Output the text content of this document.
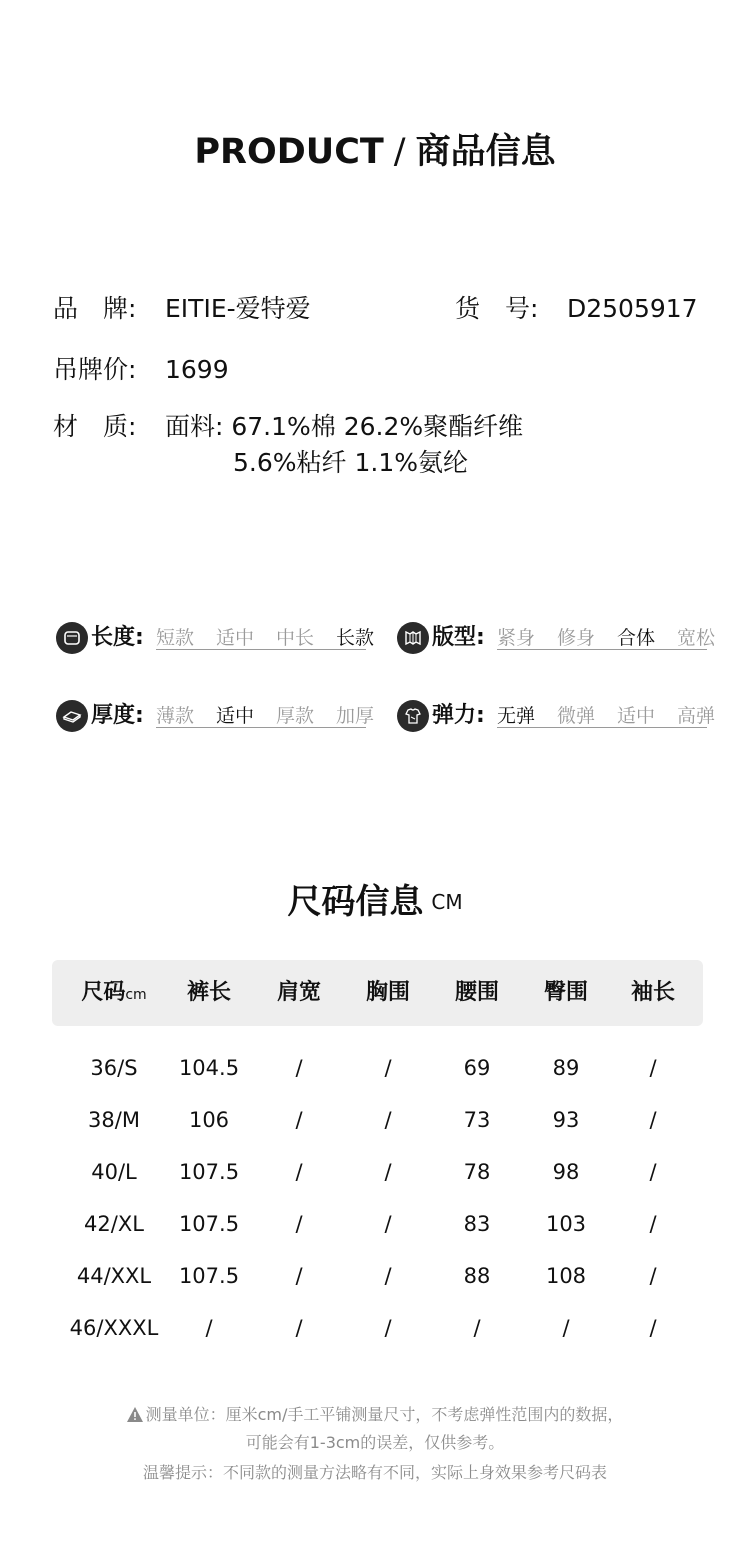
PRODUCT / 商品信息
品　牌: EITIE-爱特爱	货　号: D2505917
吊牌价: 1699
材　质: 面料: 67.1%棉 26.2%聚酯纤维
5.6%粘纤 1.1%氨纶
长度: 短款 适中 中长 长款	版型: 紧身 修身 合体 宽松
厚度: 薄款 适中 厚款 加厚	弹力: 无弹 微弹 适中 高弹
尺码信息 CM
尺码cm	裤长	肩宽	胸围	腰围	臀围	袖长
36/S	104.5	/	/	69	89	/
38/M	106	/	/	73	93	/
40/L	107.5	/	/	78	98	/
42/XL	107.5	/	/	83	103	/
44/XXL	107.5	/	/	88	108	/
46/XXXL	/	/	/	/	/	/
测量单位：厘米cm/手工平铺测量尺寸，不考虑弹性范围内的数据，
可能会有1-3cm的误差，仅供参考。
温馨提示：不同款的测量方法略有不同，实际上身效果参考尺码表
